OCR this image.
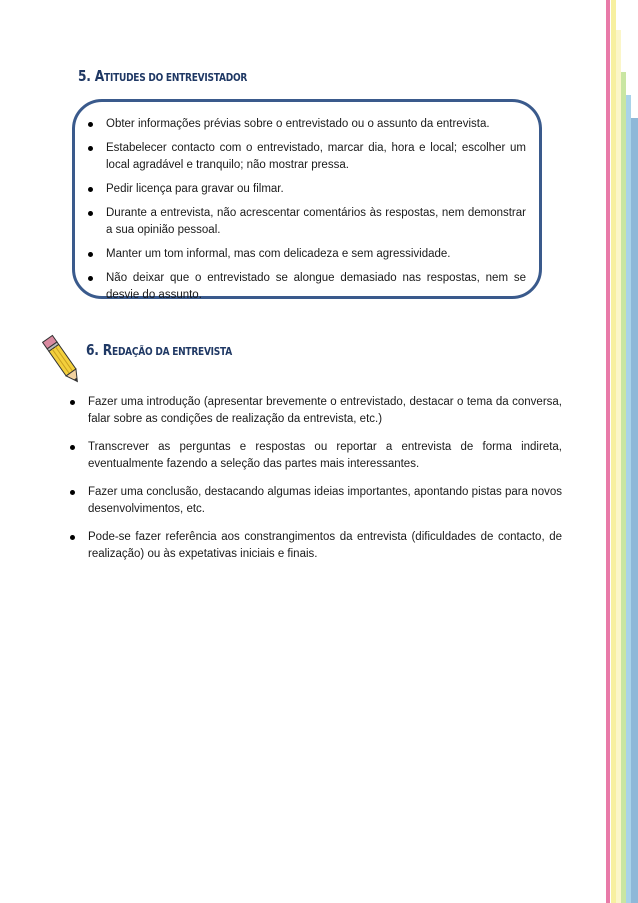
5. ATITUDES DO ENTREVISTADOR
Obter informações prévias sobre o entrevistado ou o assunto da entrevista.
Estabelecer contacto com o entrevistado, marcar dia, hora e local; escolher um local agradável e tranquilo; não mostrar pressa.
Pedir licença para gravar ou filmar.
Durante a entrevista, não acrescentar comentários às respostas, nem demonstrar a sua opinião pessoal.
Manter um tom informal, mas com delicadeza e sem agressividade.
Não deixar que o entrevistado se alongue demasiado nas respostas, nem se desvie do assunto.
6. REDAÇÃO DA ENTREVISTA
Fazer uma introdução (apresentar brevemente o entrevistado, destacar o tema da conversa, falar sobre as condições de realização da entrevista, etc.)
Transcrever as perguntas e respostas ou reportar a entrevista de forma indireta, eventualmente fazendo a seleção das partes mais interessantes.
Fazer uma conclusão, destacando algumas ideias importantes, apontando pistas para novos desenvolvimentos, etc.
Pode-se fazer referência aos constrangimentos da entrevista (dificuldades de contacto, de realização) ou às expetativas iniciais e finais.
